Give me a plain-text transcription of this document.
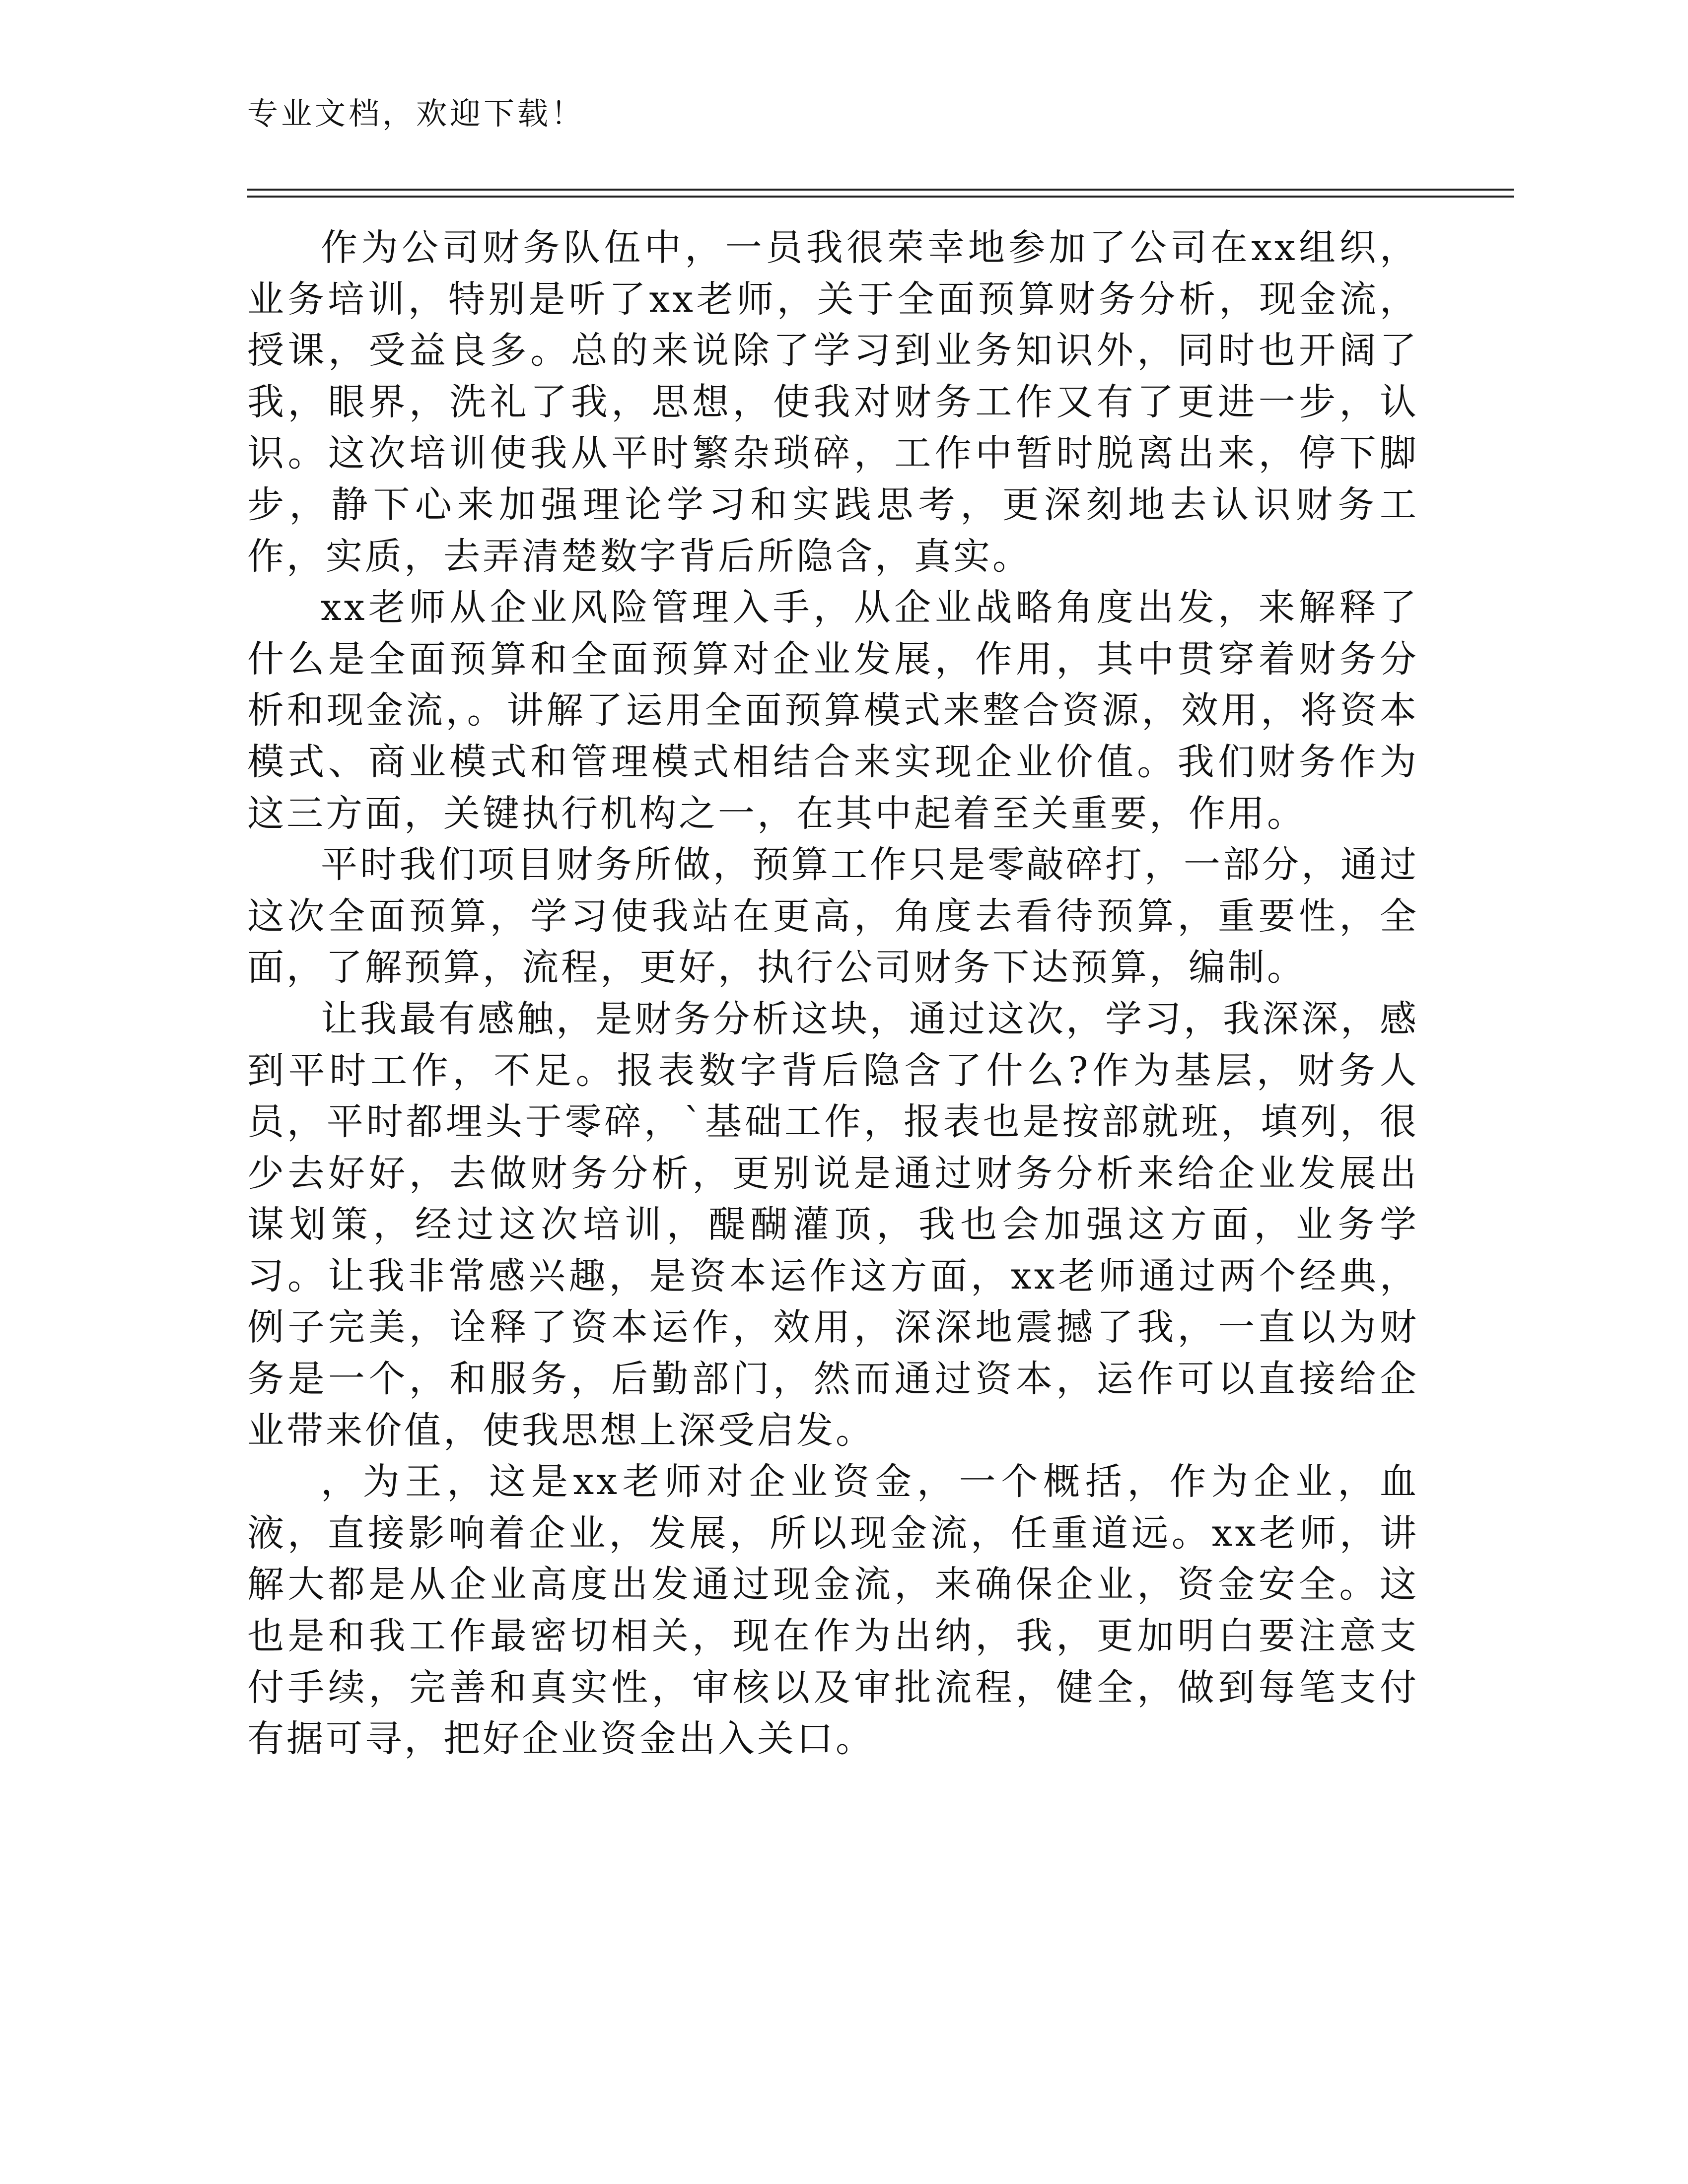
专业文档，欢迎下载！

作为公司财务队伍中，一员我很荣幸地参加了公司在xx组织，业务培训，特别是听了xx老师，关于全面预算财务分析，现金流，授课，受益良多。总的来说除了学习到业务知识外，同时也开阔了我，眼界，洗礼了我，思想，使我对财务工作又有了更进一步，认识。这次培训使我从平时繁杂琐碎，工作中暂时脱离出来，停下脚步，静下心来加强理论学习和实践思考，更深刻地去认识财务工作，实质，去弄清楚数字背后所隐含，真实。

xx老师从企业风险管理入手，从企业战略角度出发，来解释了什么是全面预算和全面预算对企业发展，作用，其中贯穿着财务分析和现金流，。讲解了运用全面预算模式来整合资源，效用，将资本模式、商业模式和管理模式相结合来实现企业价值。我们财务作为这三方面，关键执行机构之一，在其中起着至关重要，作用。

平时我们项目财务所做，预算工作只是零敲碎打，一部分，通过这次全面预算，学习使我站在更高，角度去看待预算，重要性，全面，了解预算，流程，更好，执行公司财务下达预算，编制。

让我最有感触，是财务分析这块，通过这次，学习，我深深，感到平时工作，不足。报表数字背后隐含了什么?作为基层，财务人员，平时都埋头于零碎，`基础工作，报表也是按部就班，填列，很少去好好，去做财务分析，更别说是通过财务分析来给企业发展出谋划策，经过这次培训，醍醐灌顶，我也会加强这方面，业务学习。让我非常感兴趣，是资本运作这方面，xx老师通过两个经典，例子完美，诠释了资本运作，效用，深深地震撼了我，一直以为财务是一个，和服务，后勤部门，然而通过资本，运作可以直接给企业带来价值，使我思想上深受启发。

，为王，这是xx老师对企业资金，一个概括，作为企业，血液，直接影响着企业，发展，所以现金流，任重道远。xx老师，讲解大都是从企业高度出发通过现金流，来确保企业，资金安全。这也是和我工作最密切相关，现在作为出纳，我，更加明白要注意支付手续，完善和真实性，审核以及审批流程，健全，做到每笔支付有据可寻，把好企业资金出入关口。
